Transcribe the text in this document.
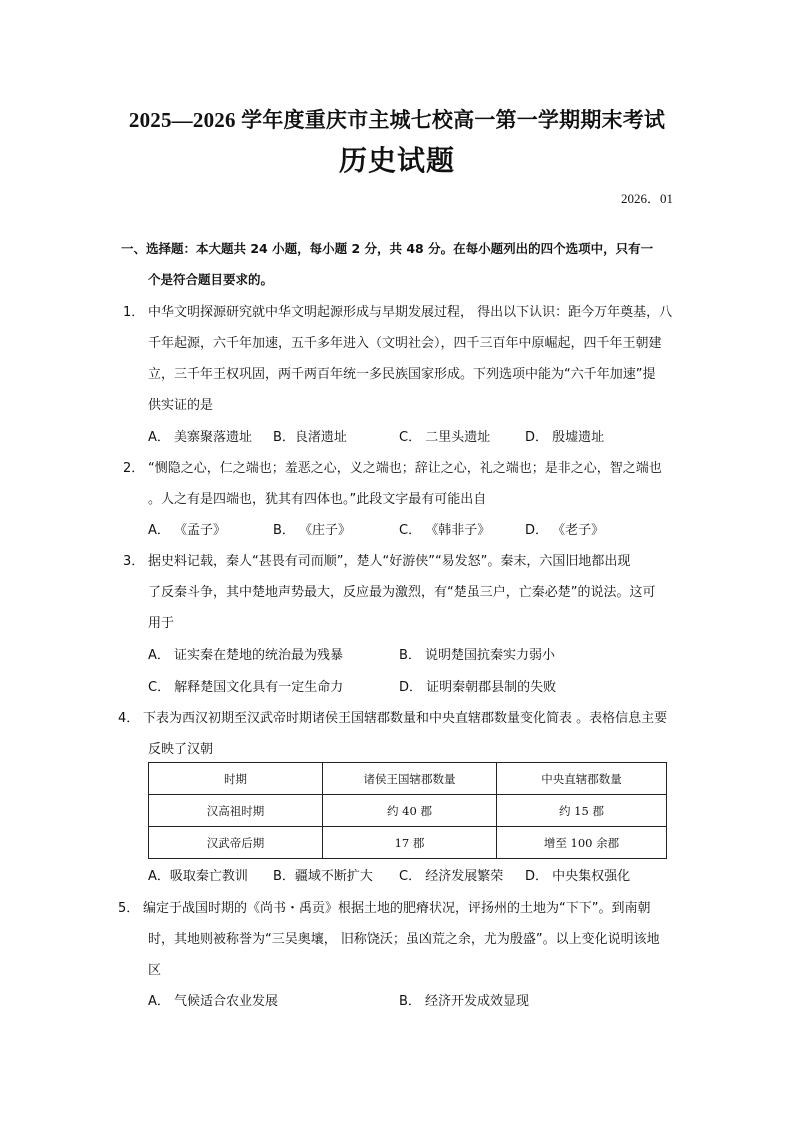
2025—2026 学年度重庆市主城七校高一第一学期期末考试
历史试题
2026．01
一、选择题：本大题共 24 小题，每小题 2 分，共 48 分。在每小题列出的四个选项中，只有一
个是符合题目要求的。
1． 中华文明探源研究就中华文明起源形成与早期发展过程， 得出以下认识：距今万年奠基，八
千年起源，六千年加速，五千多年进入（文明社会），四千三百年中原崛起，四千年王朝建
立，三千年王权巩固，两千两百年统一多民族国家形成。下列选项中能为“六千年加速”提
供实证的是
A． 美寨聚落遗址 B．良渚遗址	C． 二里头遗址	D． 殷墟遗址
2． “恻隐之心，仁之端也；羞恶之心，义之端也；辞让之心，礼之端也；是非之心，智之端也
。人之有是四端也，犹其有四体也。”此段文字最有可能出自
A． 《孟子》	B． 《庄子》	C． 《韩非子》	D． 《老子》
3． 据史料记载，秦人“甚畏有司而顺”，楚人“好游侠”“易发怒”。秦末，六国旧地都出现
了反秦斗争，其中楚地声势最大，反应最为激烈，有“楚虽三户，亡秦必楚”的说法。这可
用于
A． 证实秦在楚地的统治最为残暴	B． 说明楚国抗秦实力弱小
C． 解释楚国文化具有一定生命力	D． 证明秦朝郡县制的失败
4． 下表为西汉初期至汉武帝时期诸侯王国辖郡数量和中央直辖郡数量变化简表 。表格信息主要
反映了汉朝
时期	诸侯王国辖郡数量	中央直辖郡数量
汉高祖时期	约 40 郡	约 15 郡
汉武帝后期	17 郡	增至 100 余郡
A．吸取秦亡教训 B．疆域不断扩大 C． 经济发展繁荣 D． 中央集权强化
5． 编定于战国时期的《尚书・禹贡》根据土地的肥瘠状况，评扬州的土地为“下下”。到南朝
时，其地则被称誉为“三吴奥壤， 旧称饶沃；虽凶荒之余，尤为殷盛”。以上变化说明该地
区
A． 气候适合农业发展	B． 经济开发成效显现
